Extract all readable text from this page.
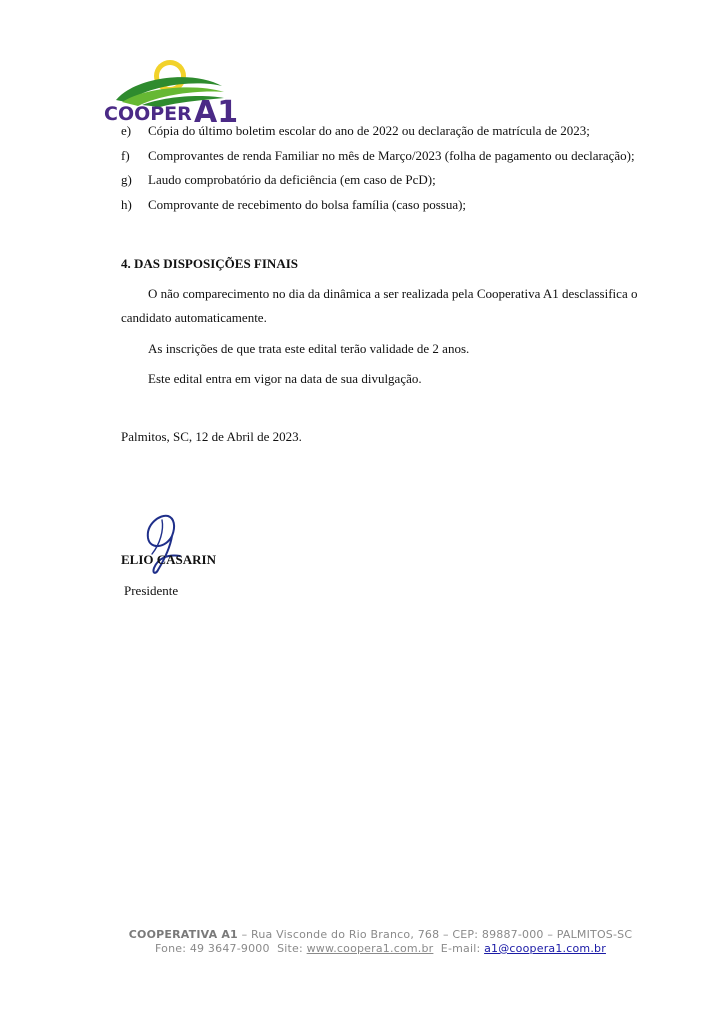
COOPER A1
e)	Cópia do último boletim escolar do ano de 2022 ou declaração de matrícula de 2023;
f)	Comprovantes de renda Familiar no mês de Março/2023 (folha de pagamento ou declaração);
g)	Laudo comprobatório da deficiência (em caso de PcD);
h)	Comprovante de recebimento do bolsa família (caso possua);
4. DAS DISPOSIÇÕES FINAIS

O não comparecimento no dia da dinâmica a ser realizada pela Cooperativa A1 desclassifica o candidato automaticamente.

As inscrições de que trata este edital terão validade de 2 anos.

Este edital entra em vigor na data de sua divulgação.

Palmitos, SC, 12 de Abril de 2023.
ELIO CASARIN
Presidente
COOPERATIVA A1 – Rua Visconde do Rio Branco, 768 – CEP: 89887-000 – PALMITOS-SC
Fone: 49 3647-9000  Site: www.coopera1.com.br  E-mail: a1@coopera1.com.br
